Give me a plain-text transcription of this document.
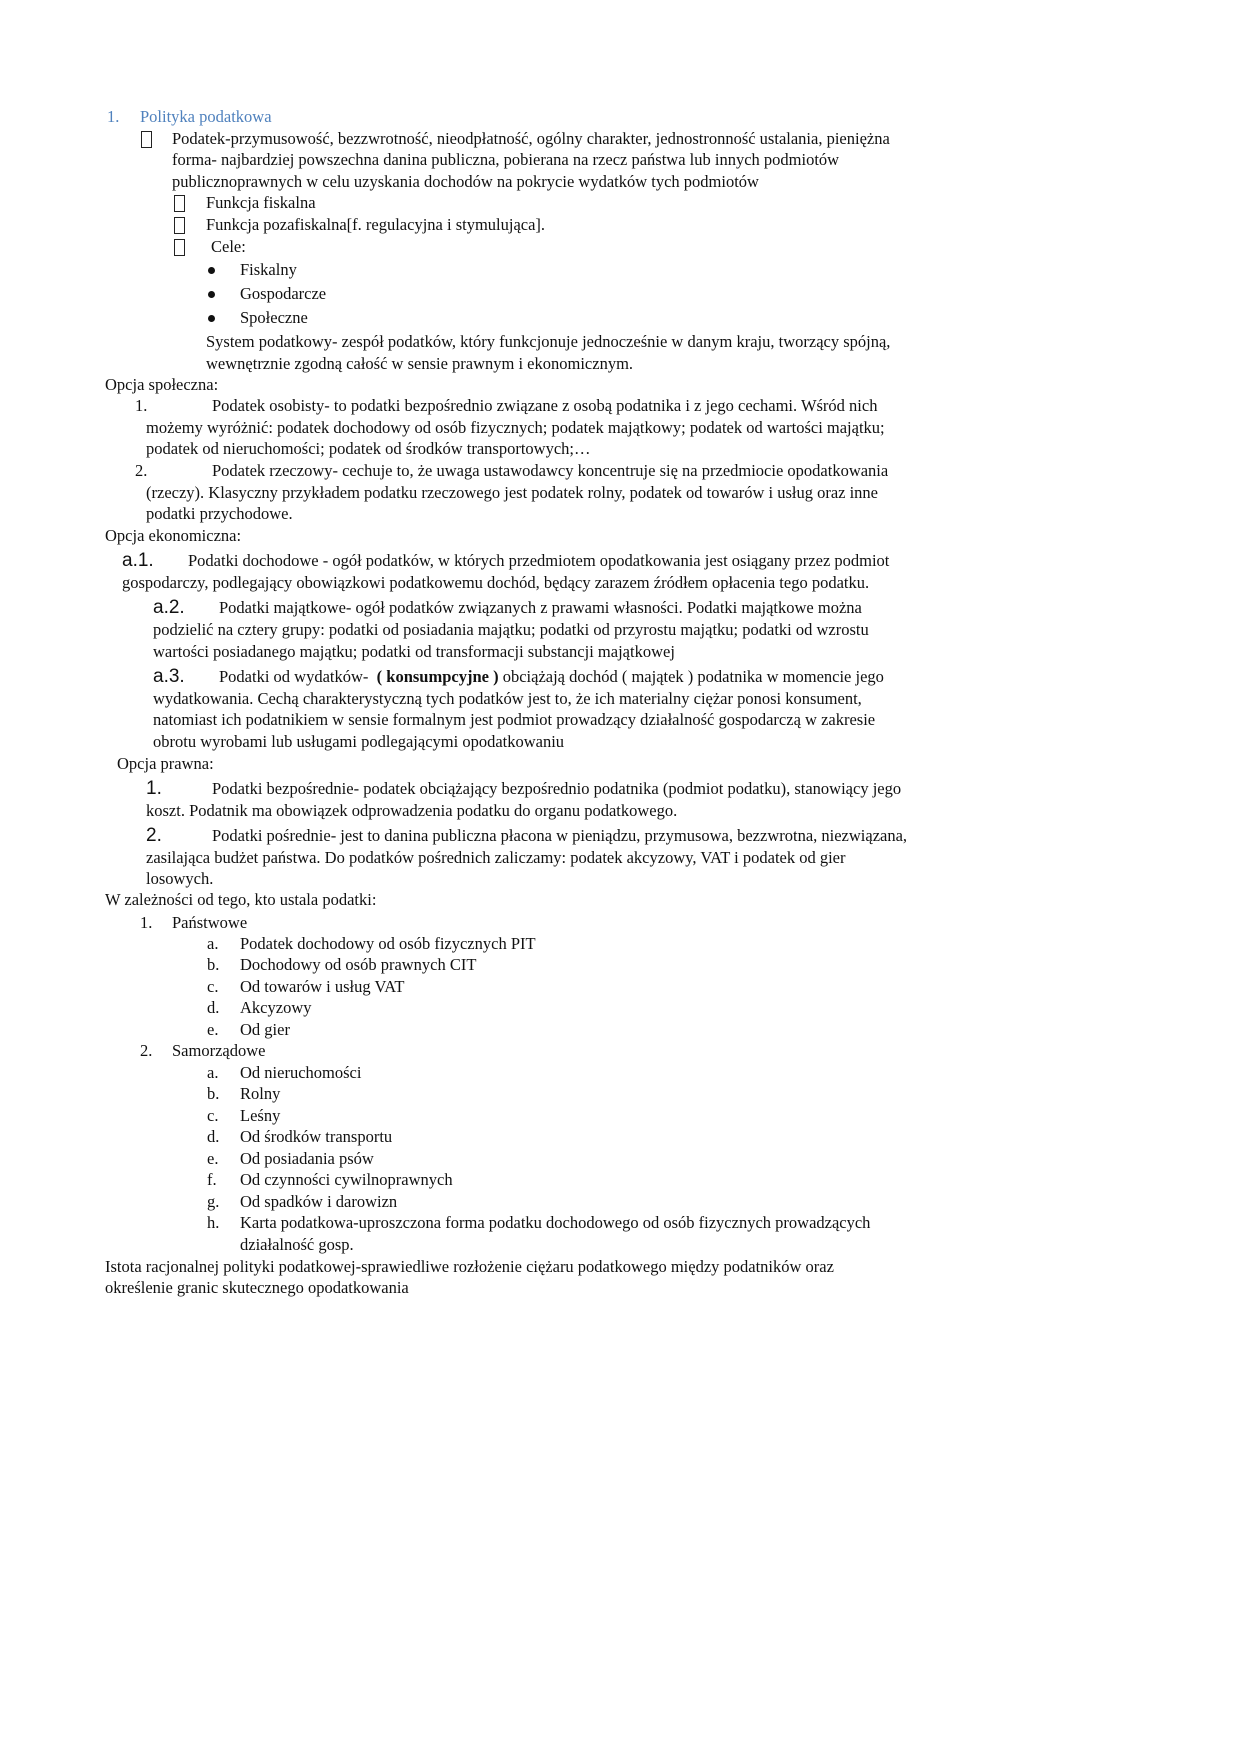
1. Polityka podatkowa
Podatek-przymusowość, bezzwrotność, nieodpłatność, ogólny charakter, jednostronność ustalania, pieniężna
forma- najbardziej powszechna danina publiczna, pobierana na rzecz państwa lub innych podmiotów
publicznoprawnych w celu uzyskania dochodów na pokrycie wydatków tych podmiotów
Funkcja fiskalna
Funkcja pozafiskalna[f. regulacyjna i stymulująca].
Cele:
Fiskalny
Gospodarcze
Społeczne
System podatkowy- zespół podatków, który funkcjonuje jednocześnie w danym kraju, tworzący spójną,
wewnętrznie zgodną całość w sensie prawnym i ekonomicznym.
Opcja społeczna:
1.	Podatek osobisty- to podatki bezpośrednio związane z osobą podatnika i z jego cechami. Wśród nich
możemy wyróżnić: podatek dochodowy od osób fizycznych; podatek majątkowy; podatek od wartości majątku;
podatek od nieruchomości; podatek od środków transportowych;…
2.	Podatek rzeczowy- cechuje to, że uwaga ustawodawcy koncentruje się na przedmiocie opodatkowania
(rzeczy). Klasyczny przykładem podatku rzeczowego jest podatek rolny, podatek od towarów i usług oraz inne
podatki przychodowe.
Opcja ekonomiczna:
a.1. Podatki dochodowe - ogół podatków, w których przedmiotem opodatkowania jest osiągany przez podmiot
gospodarczy, podlegający obowiązkowi podatkowemu dochód, będący zarazem źródłem opłacenia tego podatku.
a.2. Podatki majątkowe- ogół podatków związanych z prawami własności. Podatki majątkowe można
podzielić na cztery grupy: podatki od posiadania majątku; podatki od przyrostu majątku; podatki od wzrostu
wartości posiadanego majątku; podatki od transformacji substancji majątkowej
a.3. Podatki od wydatków-  ( konsumpcyjne ) obciążają dochód ( majątek ) podatnika w momencie jego
wydatkowania. Cechą charakterystyczną tych podatków jest to, że ich materialny ciężar ponosi konsument,
natomiast ich podatnikiem w sensie formalnym jest podmiot prowadzący działalność gospodarczą w zakresie
obrotu wyrobami lub usługami podlegającymi opodatkowaniu
Opcja prawna:
1.	Podatki bezpośrednie- podatek obciążający bezpośrednio podatnika (podmiot podatku), stanowiący jego
koszt. Podatnik ma obowiązek odprowadzenia podatku do organu podatkowego.
2.	Podatki pośrednie- jest to danina publiczna płacona w pieniądzu, przymusowa, bezzwrotna, niezwiązana,
zasilająca budżet państwa. Do podatków pośrednich zaliczamy: podatek akcyzowy, VAT i podatek od gier
losowych.
W zależności od tego, kto ustala podatki:
1. Państwowe
a. Podatek dochodowy od osób fizycznych PIT
b. Dochodowy od osób prawnych CIT
c. Od towarów i usług VAT
d. Akcyzowy
e. Od gier
2. Samorządowe
a. Od nieruchomości
b. Rolny
c. Leśny
d. Od środków transportu
e. Od posiadania psów
f. Od czynności cywilnoprawnych
g. Od spadków i darowizn
h. Karta podatkowa-uproszczona forma podatku dochodowego od osób fizycznych prowadzących
działalność gosp.
Istota racjonalnej polityki podatkowej-sprawiedliwe rozłożenie ciężaru podatkowego między podatników oraz
określenie granic skutecznego opodatkowania
